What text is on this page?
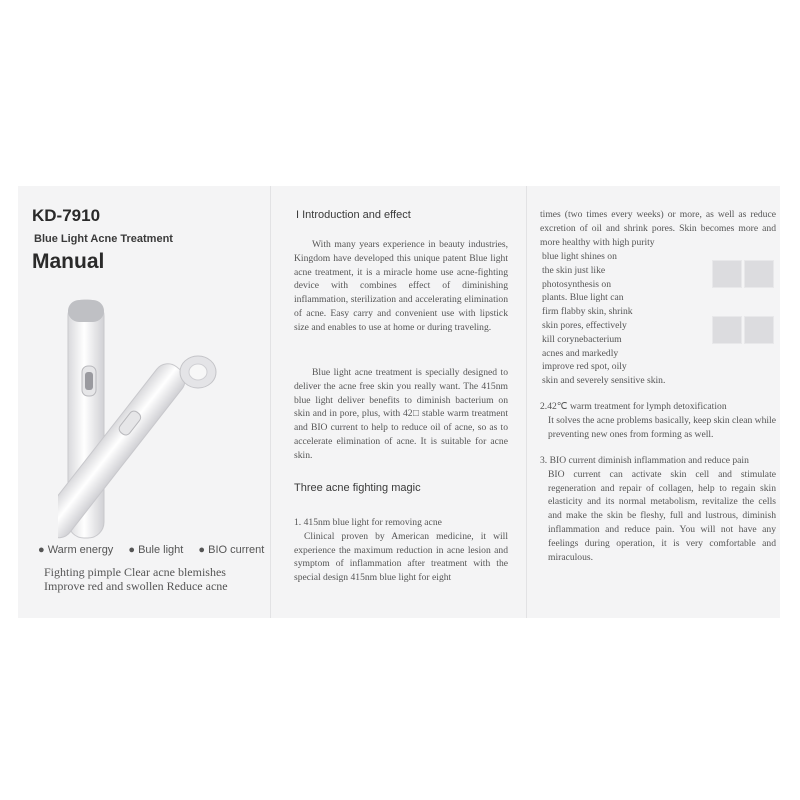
KD-7910
Blue Light Acne Treatment
Manual
● Warm energy ● Bule light ● BIO current
Fighting pimple Clear acne blemishes
Improve red and swollen Reduce acne
I Introduction and effect

With many years experience in beauty industries, Kingdom have developed this unique patent Blue light acne treatment, it is a miracle home use acne-fighting device with combines effect of diminishing inflammation, sterilization and accelerating elimination of acne. Easy carry and convenient use with lipstick size and enables to use at home or during traveling.

Blue light acne treatment is specially designed to deliver the acne free skin you really want. The 415nm blue light deliver benefits to diminish bacterium on skin and in pore, plus, with 42□ stable warm treatment and BIO current to help to reduce oil of acne, so as to accelerate elimination of acne. It is suitable for acne skin.

Three acne fighting magic

1. 415nm blue light for removing acne

Clinical proven by American medicine, it will experience the maximum reduction in acne lesion and symptom of inflammation after treatment with the special design 415nm blue light for eight

times (two times every weeks) or more, as well as reduce excretion of oil and shrink pores. Skin becomes more and more healthy with high purity

blue light shines on

the skin just like

photosynthesis on

plants. Blue light can

firm flabby skin, shrink

skin pores, effectively

kill corynebacterium

acnes and markedly

improve red spot, oily

skin and severely sensitive skin.

2.42℃ warm treatment for lymph detoxification

It solves the acne problems basically, keep skin clean while preventing new ones from forming as well.

3. BIO current diminish inflammation and reduce pain

BIO current can activate skin cell and stimulate regeneration and repair of collagen, help to regain skin elasticity and its normal metabolism, revitalize the cells and make the skin be fleshy, full and lustrous, diminish inflammation and reduce pain. You will not have any feelings during operation, it is very comfortable and miraculous.
